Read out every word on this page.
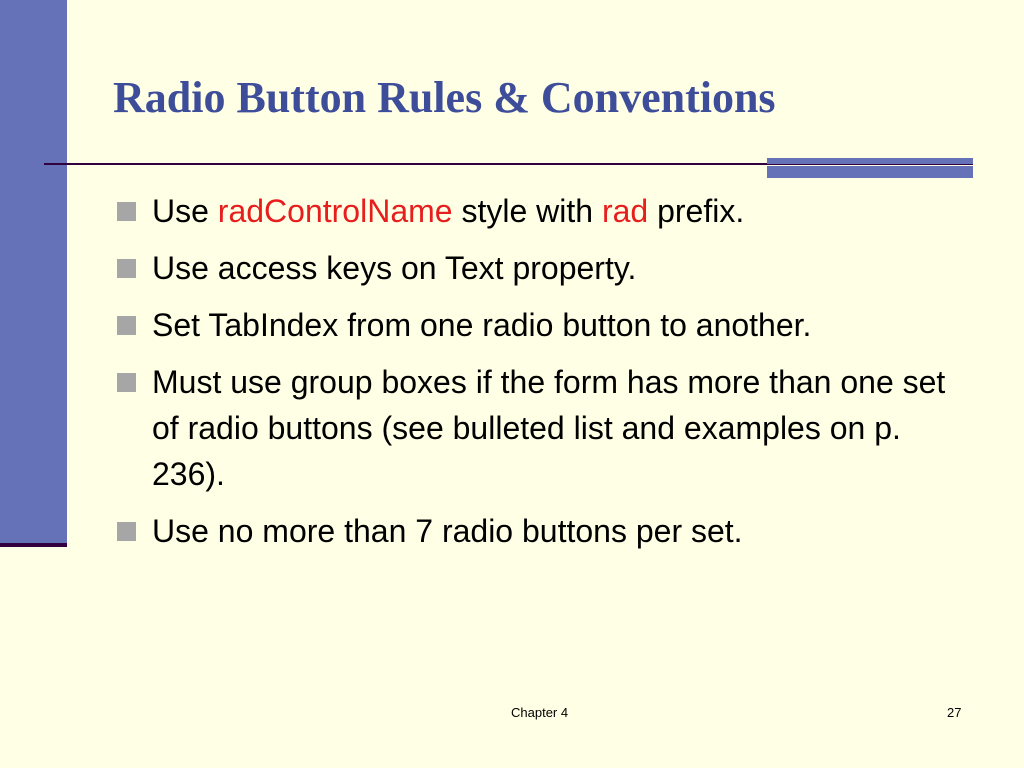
Radio Button Rules & Conventions
Use radControlName style with rad prefix.
Use access keys on Text property.
Set TabIndex from one radio button to another.
Must use group boxes if the form has more than one set of radio buttons (see bulleted list and examples on p. 236).
Use no more than 7 radio buttons per set.
Chapter 4	27
